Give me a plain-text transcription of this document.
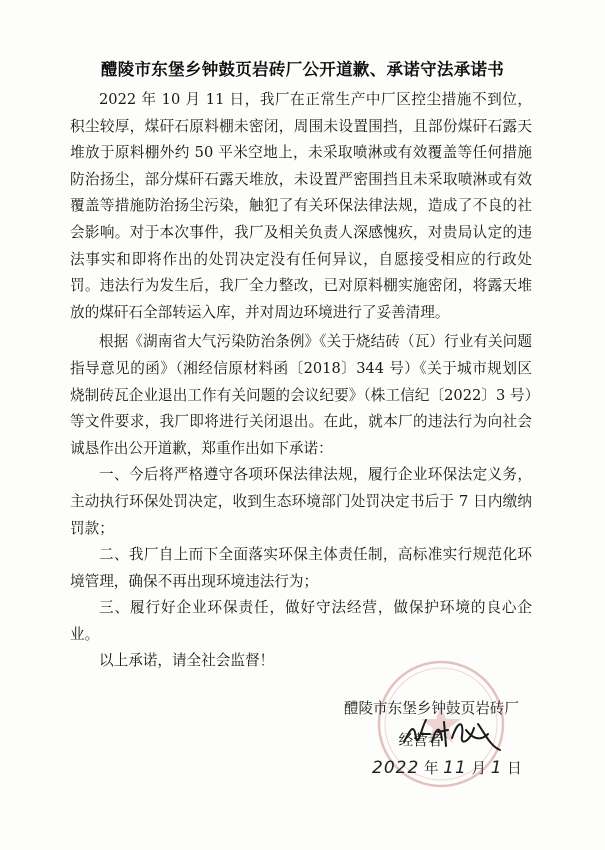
醴陵市东堡乡钟鼓页岩砖厂公开道歉、承诺守法承诺书

2022 年 10 月 11 日，我厂在正常生产中厂区控尘措施不到位，积尘较厚，煤矸石原料棚未密闭，周围未设置围挡，且部份煤矸石露天堆放于原料棚外约 50 平米空地上，未采取喷淋或有效覆盖等任何措施防治扬尘，部分煤矸石露天堆放，未设置严密围挡且未采取喷淋或有效覆盖等措施防治扬尘污染，触犯了有关环保法律法规，造成了不良的社会影响。对于本次事件，我厂及相关负责人深感愧疚，对贵局认定的违法事实和即将作出的处罚决定没有任何异议，自愿接受相应的行政处罚。违法行为发生后，我厂全力整改，已对原料棚实施密闭，将露天堆放的煤矸石全部转运入库，并对周边环境进行了妥善清理。

根据《湖南省大气污染防治条例》《关于烧结砖（瓦）行业有关问题指导意见的函》（湘经信原材料函〔2018〕344 号）《关于城市规划区烧制砖瓦企业退出工作有关问题的会议纪要》（株工信纪〔2022〕3 号）等文件要求，我厂即将进行关闭退出。在此，就本厂的违法行为向社会诚恳作出公开道歉，郑重作出如下承诺：

一、今后将严格遵守各项环保法律法规，履行企业环保法定义务，主动执行环保处罚决定，收到生态环境部门处罚决定书后于 7 日内缴纳罚款；

二、我厂自上而下全面落实环保主体责任制，高标准实行规范化环境管理，确保不再出现环境违法行为；

三、履行好企业环保责任，做好守法经营，做保护环境的良心企业。

以上承诺，请全社会监督！

醴陵市东堡乡钟鼓页岩砖厂
经营者：
2022 年 11 月 1 日
